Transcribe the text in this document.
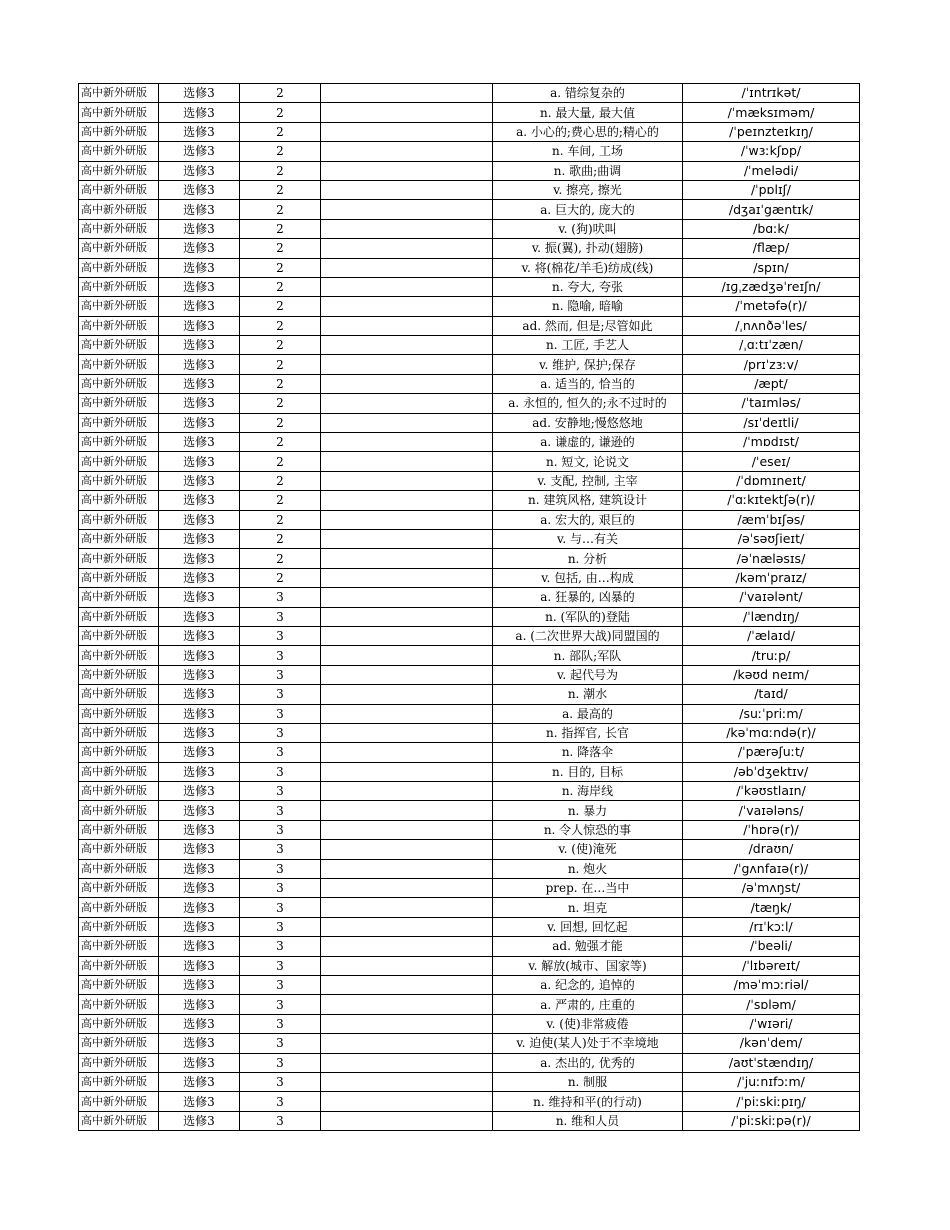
高中新外研版	选修3	2		a. 错综复杂的	/ˈɪntrɪkət/
高中新外研版	选修3	2		n. 最大量, 最大值	/ˈmæksɪməm/
高中新外研版	选修3	2		a. 小心的;费心思的;精心的	/ˈpeɪnzteɪkɪŋ/
高中新外研版	选修3	2		n. 车间, 工场	/ˈwɜːkʃɒp/
高中新外研版	选修3	2		n. 歌曲;曲调	/ˈmelədi/
高中新外研版	选修3	2		v. 擦亮, 擦光	/ˈpɒlɪʃ/
高中新外研版	选修3	2		a. 巨大的, 庞大的	/dʒaɪˈgæntɪk/
高中新外研版	选修3	2		v. (狗)吠叫	/bɑːk/
高中新外研版	选修3	2		v. 振(翼), 扑动(翅膀)	/flæp/
高中新外研版	选修3	2		v. 将(棉花/羊毛)纺成(线)	/spɪn/
高中新外研版	选修3	2		n. 夸大, 夸张	/ɪɡˌzædʒəˈreɪʃn/
高中新外研版	选修3	2		n. 隐喻, 暗喻	/ˈmetəfə(r)/
高中新外研版	选修3	2		ad. 然而, 但是;尽管如此	/ˌnʌnðəˈles/
高中新外研版	选修3	2		n. 工匠, 手艺人	/ˌɑːtɪˈzæn/
高中新外研版	选修3	2		v. 维护, 保护;保存	/prɪˈzɜːv/
高中新外研版	选修3	2		a. 适当的, 恰当的	/æpt/
高中新外研版	选修3	2		a. 永恒的, 恒久的;永不过时的	/ˈtaɪmləs/
高中新外研版	选修3	2		ad. 安静地;慢悠悠地	/sɪˈdeɪtli/
高中新外研版	选修3	2		a. 谦虚的, 谦逊的	/ˈmɒdɪst/
高中新外研版	选修3	2		n. 短文, 论说文	/ˈeseɪ/
高中新外研版	选修3	2		v. 支配, 控制, 主宰	/ˈdɒmɪneɪt/
高中新外研版	选修3	2		n. 建筑风格, 建筑设计	/ˈɑːkɪtektʃə(r)/
高中新外研版	选修3	2		a. 宏大的, 艰巨的	/æmˈbɪʃəs/
高中新外研版	选修3	2		v. 与…有关	/əˈsəʊʃieɪt/
高中新外研版	选修3	2		n. 分析	/əˈnæləsɪs/
高中新外研版	选修3	2		v. 包括, 由…构成	/kəmˈpraɪz/
高中新外研版	选修3	3		a. 狂暴的, 凶暴的	/ˈvaɪələnt/
高中新外研版	选修3	3		n. (军队的)登陆	/ˈlændɪŋ/
高中新外研版	选修3	3		a. (二次世界大战)同盟国的	/ˈælaɪd/
高中新外研版	选修3	3		n. 部队;军队	/truːp/
高中新外研版	选修3	3		v. 起代号为	/kəʊd neɪm/
高中新外研版	选修3	3		n. 潮水	/taɪd/
高中新外研版	选修3	3		a. 最高的	/suːˈpriːm/
高中新外研版	选修3	3		n. 指挥官, 长官	/kəˈmɑːndə(r)/
高中新外研版	选修3	3		n. 降落伞	/ˈpærəʃuːt/
高中新外研版	选修3	3		n. 目的, 目标	/əbˈdʒektɪv/
高中新外研版	选修3	3		n. 海岸线	/ˈkəʊstlaɪn/
高中新外研版	选修3	3		n. 暴力	/ˈvaɪələns/
高中新外研版	选修3	3		n. 令人惊恐的事	/ˈhɒrə(r)/
高中新外研版	选修3	3		v. (使)淹死	/draʊn/
高中新外研版	选修3	3		n. 炮火	/ˈgʌnfaɪə(r)/
高中新外研版	选修3	3		prep. 在…当中	/əˈmʌŋst/
高中新外研版	选修3	3		n. 坦克	/tæŋk/
高中新外研版	选修3	3		v. 回想, 回忆起	/rɪˈkɔːl/
高中新外研版	选修3	3		ad. 勉强才能	/ˈbeəli/
高中新外研版	选修3	3		v. 解放(城市、国家等)	/ˈlɪbəreɪt/
高中新外研版	选修3	3		a. 纪念的, 追悼的	/məˈmɔːriəl/
高中新外研版	选修3	3		a. 严肃的, 庄重的	/ˈsɒləm/
高中新外研版	选修3	3		v. (使)非常疲倦	/ˈwɪəri/
高中新外研版	选修3	3		v. 迫使(某人)处于不幸境地	/kənˈdem/
高中新外研版	选修3	3		a. 杰出的, 优秀的	/aʊtˈstændɪŋ/
高中新外研版	选修3	3		n. 制服	/ˈjuːnɪfɔːm/
高中新外研版	选修3	3		n. 维持和平(的行动)	/ˈpiːskiːpɪŋ/
高中新外研版	选修3	3		n. 维和人员	/ˈpiːskiːpə(r)/
